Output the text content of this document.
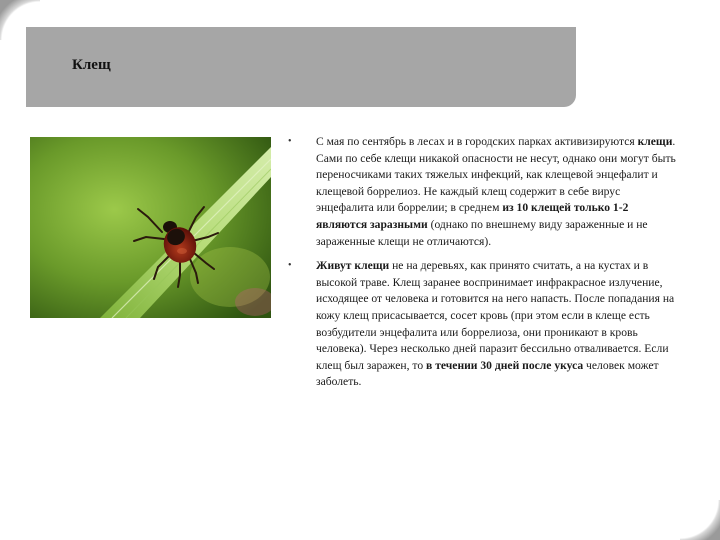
Клещ
• С мая по сентябрь в лесах и в городских парках активизируются клещи. Сами по себе клещи никакой опасности не несут, однако они могут быть переносчиками таких тяжелых инфекций, как клещевой энцефалит и клещевой боррелиоз. Не каждый клещ содержит в себе вирус энцефалита или боррелии; в среднем из 10 клещей только 1-2 являются заразными (однако по внешнему виду зараженные и не зараженные клещи не отличаются).
• Живут клещи не на деревьях, как принято считать, а на кустах и в высокой траве. Клещ заранее воспринимает инфракрасное излучение, исходящее от человека и готовится на него напасть. После попадания на кожу клещ присасывается, сосет кровь (при этом если в клеще есть возбудители энцефалита или боррелиоза, они проникают в кровь человека). Через несколько дней паразит бессильно отваливается. Если клещ был заражен, то в течении 30 дней после укуса человек может заболеть.
